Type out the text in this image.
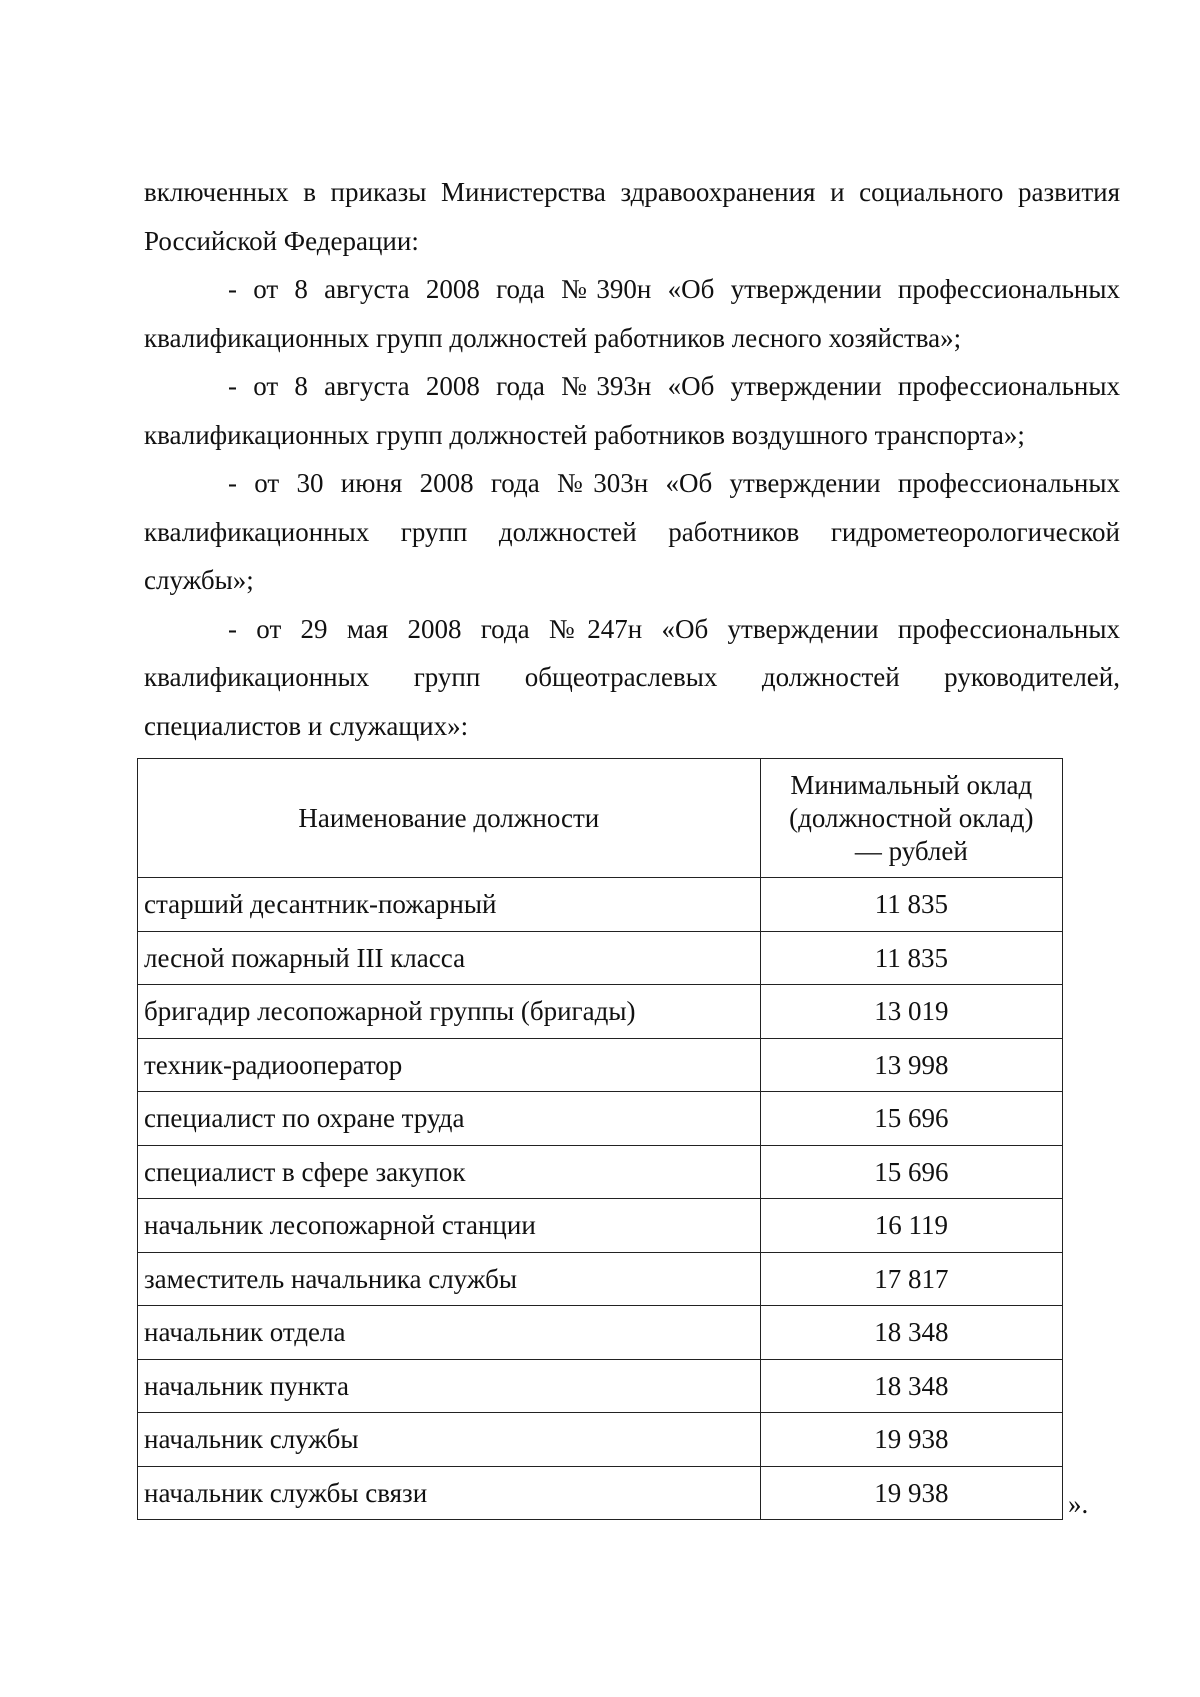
включенных в приказы Министерства здравоохранения и социального развития Российской Федерации:

- от 8 августа 2008 года №390н «Об утверждении профессиональных квалификационных групп должностей работников лесного хозяйства»;

- от 8 августа 2008 года №393н «Об утверждении профессиональных квалификационных групп должностей работников воздушного транспорта»;

- от 30 июня 2008 года №303н «Об утверждении профессиональных квалификационных групп должностей работников гидрометеорологической службы»;

- от 29 мая 2008 года №247н «Об утверждении профессиональных квалификационных групп общеотраслевых должностей руководителей, специалистов и служащих»:

Наименование должности	Минимальный оклад
(должностной оклад)
— рублей

старший десантник-пожарный	11 835
лесной пожарный III класса	11 835
бригадир лесопожарной группы (бригады)	13 019
техник-радиооператор	13 998
специалист по охране труда	15 696
специалист в сфере закупок	15 696
начальник лесопожарной станции	16 119
заместитель начальника службы	17 817
начальник отдела	18 348
начальник пункта	18 348
начальник службы	19 938
начальник службы связи	19 938	».
